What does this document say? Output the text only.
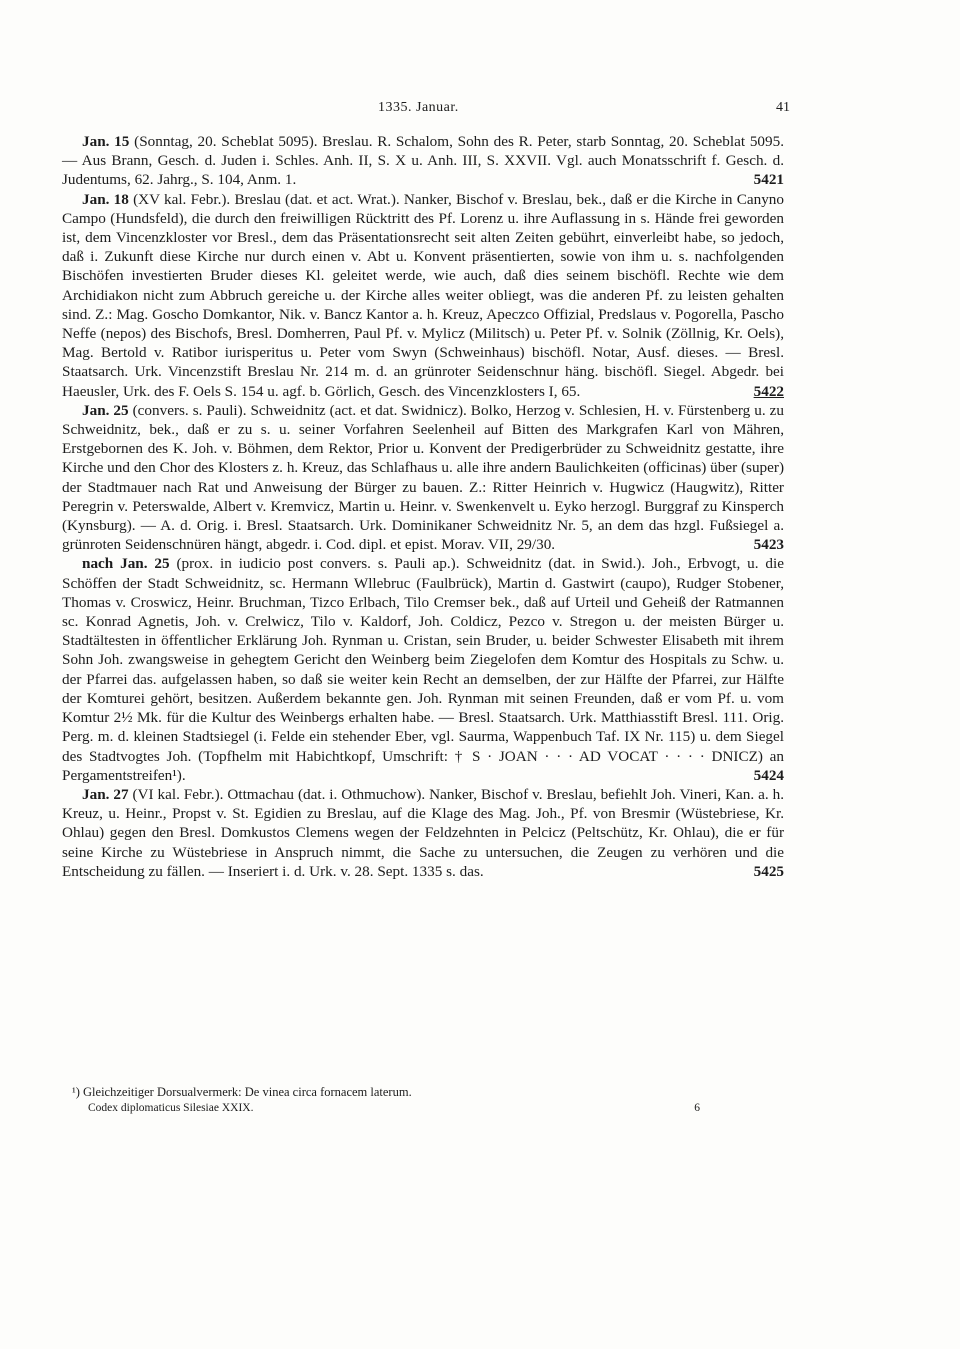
1335. Januar.	41

Jan. 15 (Sonntag, 20. Scheblat 5095). Breslau. R. Schalom, Sohn des R. Peter, starb Sonntag, 20. Scheblat 5095. — Aus Brann, Gesch. d. Juden i. Schles. Anh. II, S. X u. Anh. III, S. XXVII. Vgl. auch Monatsschrift f. Gesch. d. Judentums, 62. Jahrg., S. 104, Anm. 1.	5421

Jan. 18 (XV kal. Febr.). Breslau (dat. et act. Wrat.). Nanker, Bischof v. Breslau, bek., daß er die Kirche in Canyno Campo (Hundsfeld), die durch den freiwilligen Rücktritt des Pf. Lorenz u. ihre Auflassung in s. Hände frei geworden ist, dem Vincenzkloster vor Bresl., dem das Präsentationsrecht seit alten Zeiten gebührt, einverleibt habe, so jedoch, daß i. Zukunft diese Kirche nur durch einen v. Abt u. Konvent präsentierten, sowie von ihm u. s. nachfolgenden Bischöfen investierten Bruder dieses Kl. geleitet werde, wie auch, daß dies seinem bischöfl. Rechte wie dem Archidiakon nicht zum Abbruch gereiche u. der Kirche alles weiter obliegt, was die anderen Pf. zu leisten gehalten sind. Z.: Mag. Goscho Domkantor, Nik. v. Bancz Kantor a. h. Kreuz, Apeczco Offizial, Predslaus v. Pogorella, Pascho Neffe (nepos) des Bischofs, Bresl. Domherren, Paul Pf. v. Mylicz (Militsch) u. Peter Pf. v. Solnik (Zöllnig, Kr. Oels), Mag. Bertold v. Ratibor iurisperitus u. Peter vom Swyn (Schweinhaus) bischöfl. Notar, Ausf. dieses. — Bresl. Staatsarch. Urk. Vincenzstift Breslau Nr. 214 m. d. an grünroter Seidenschnur häng. bischöfl. Siegel. Abgedr. bei Haeusler, Urk. des F. Oels S. 154 u. agf. b. Görlich, Gesch. des Vincenzklosters I, 65.	5422

Jan. 25 (convers. s. Pauli). Schweidnitz (act. et dat. Swidnicz). Bolko, Herzog v. Schlesien, H. v. Fürstenberg u. zu Schweidnitz, bek., daß er zu s. u. seiner Vorfahren Seelenheil auf Bitten des Markgrafen Karl von Mähren, Erstgebornen des K. Joh. v. Böhmen, dem Rektor, Prior u. Konvent der Predigerbrüder zu Schweidnitz gestatte, ihre Kirche und den Chor des Klosters z. h. Kreuz, das Schlafhaus u. alle ihre andern Baulichkeiten (officinas) über (super) der Stadtmauer nach Rat und Anweisung der Bürger zu bauen. Z.: Ritter Heinrich v. Hugwicz (Haugwitz), Ritter Peregrin v. Peterswalde, Albert v. Kremvicz, Martin u. Heinr. v. Swenkenvelt u. Eyko herzogl. Burggraf zu Kinsperch (Kynsburg). — A. d. Orig. i. Bresl. Staatsarch. Urk. Dominikaner Schweidnitz Nr. 5, an dem das hzgl. Fußsiegel a. grünroten Seidenschnüren hängt, abgedr. i. Cod. dipl. et epist. Morav. VII, 29/30.	5423

nach Jan. 25 (prox. in iudicio post convers. s. Pauli ap.). Schweidnitz (dat. in Swid.). Joh., Erbvogt, u. die Schöffen der Stadt Schweidnitz, sc. Hermann Wllebruc (Faulbrück), Martin d. Gastwirt (caupo), Rudger Stobener, Thomas v. Croswicz, Heinr. Bruchman, Tizco Erlbach, Tilo Cremser bek., daß auf Urteil und Geheiß der Ratmannen sc. Konrad Agnetis, Joh. v. Crelwicz, Tilo v. Kaldorf, Joh. Coldicz, Pezco v. Stregon u. der meisten Bürger u. Stadtältesten in öffentlicher Erklärung Joh. Rynman u. Cristan, sein Bruder, u. beider Schwester Elisabeth mit ihrem Sohn Joh. zwangsweise in gehegtem Gericht den Weinberg beim Ziegelofen dem Komtur des Hospitals zu Schw. u. der Pfarrei das. aufgelassen haben, so daß sie weiter kein Recht an demselben, der zur Hälfte der Pfarrei, zur Hälfte der Komturei gehört, besitzen. Außerdem bekannte gen. Joh. Rynman mit seinen Freunden, daß er vom Pf. u. vom Komtur 2½ Mk. für die Kultur des Weinbergs erhalten habe. — Bresl. Staatsarch. Urk. Matthiasstift Bresl. 111. Orig. Perg. m. d. kleinen Stadtsiegel (i. Felde ein stehender Eber, vgl. Saurma, Wappenbuch Taf. IX Nr. 115) u. dem Siegel des Stadtvogtes Joh. (Topfhelm mit Habichtkopf, Umschrift: † S · JOAN · · · AD VOCAT · · · · DNICZ) an Pergamentstreifen¹).	5424

Jan. 27 (VI kal. Febr.). Ottmachau (dat. i. Othmuchow). Nanker, Bischof v. Breslau, befiehlt Joh. Vineri, Kan. a. h. Kreuz, u. Heinr., Propst v. St. Egidien zu Breslau, auf die Klage des Mag. Joh., Pf. von Bresmir (Wüstebriese, Kr. Ohlau) gegen den Bresl. Domkustos Clemens wegen der Feldzehnten in Pelcicz (Peltschütz, Kr. Ohlau), die er für seine Kirche zu Wüstebriese in Anspruch nimmt, die Sache zu untersuchen, die Zeugen zu verhören und die Entscheidung zu fällen. — Inseriert i. d. Urk. v. 28. Sept. 1335 s. das.	5425

¹) Gleichzeitiger Dorsualvermerk: De vinea circa fornacem laterum.

Codex diplomaticus Silesiae XXIX.	6
